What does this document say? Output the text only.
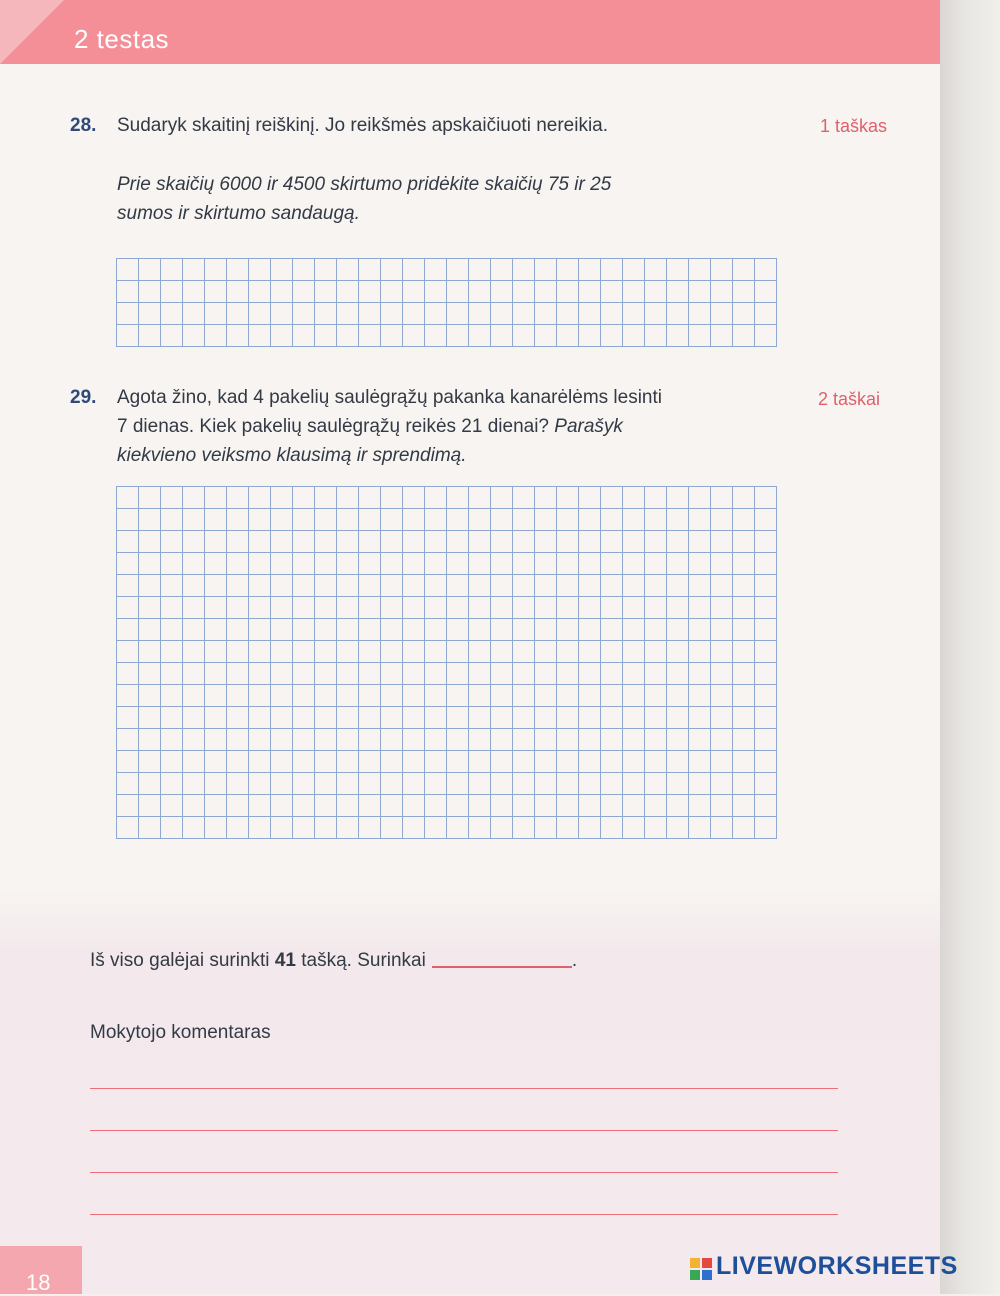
2 testas
28. Sudaryk skaitinį reiškinį. Jo reikšmės apskaičiuoti nereikia.	1 taškas
Prie skaičių 6000 ir 4500 skirtumo pridėkite skaičių 75 ir 25
sumos ir skirtumo sandaugą.
29. Agota žino, kad 4 pakelių saulėgrąžų pakanka kanarėlėms lesinti
7 dienas. Kiek pakelių saulėgrąžų reikės 21 dienai? Parašyk
kiekvieno veiksmo klausimą ir sprendimą.
2 taškai
Iš viso galėjai surinkti 41 tašką. Surinkai	.
Mokytojo komentaras
18
LIVEWORKSHEETS
